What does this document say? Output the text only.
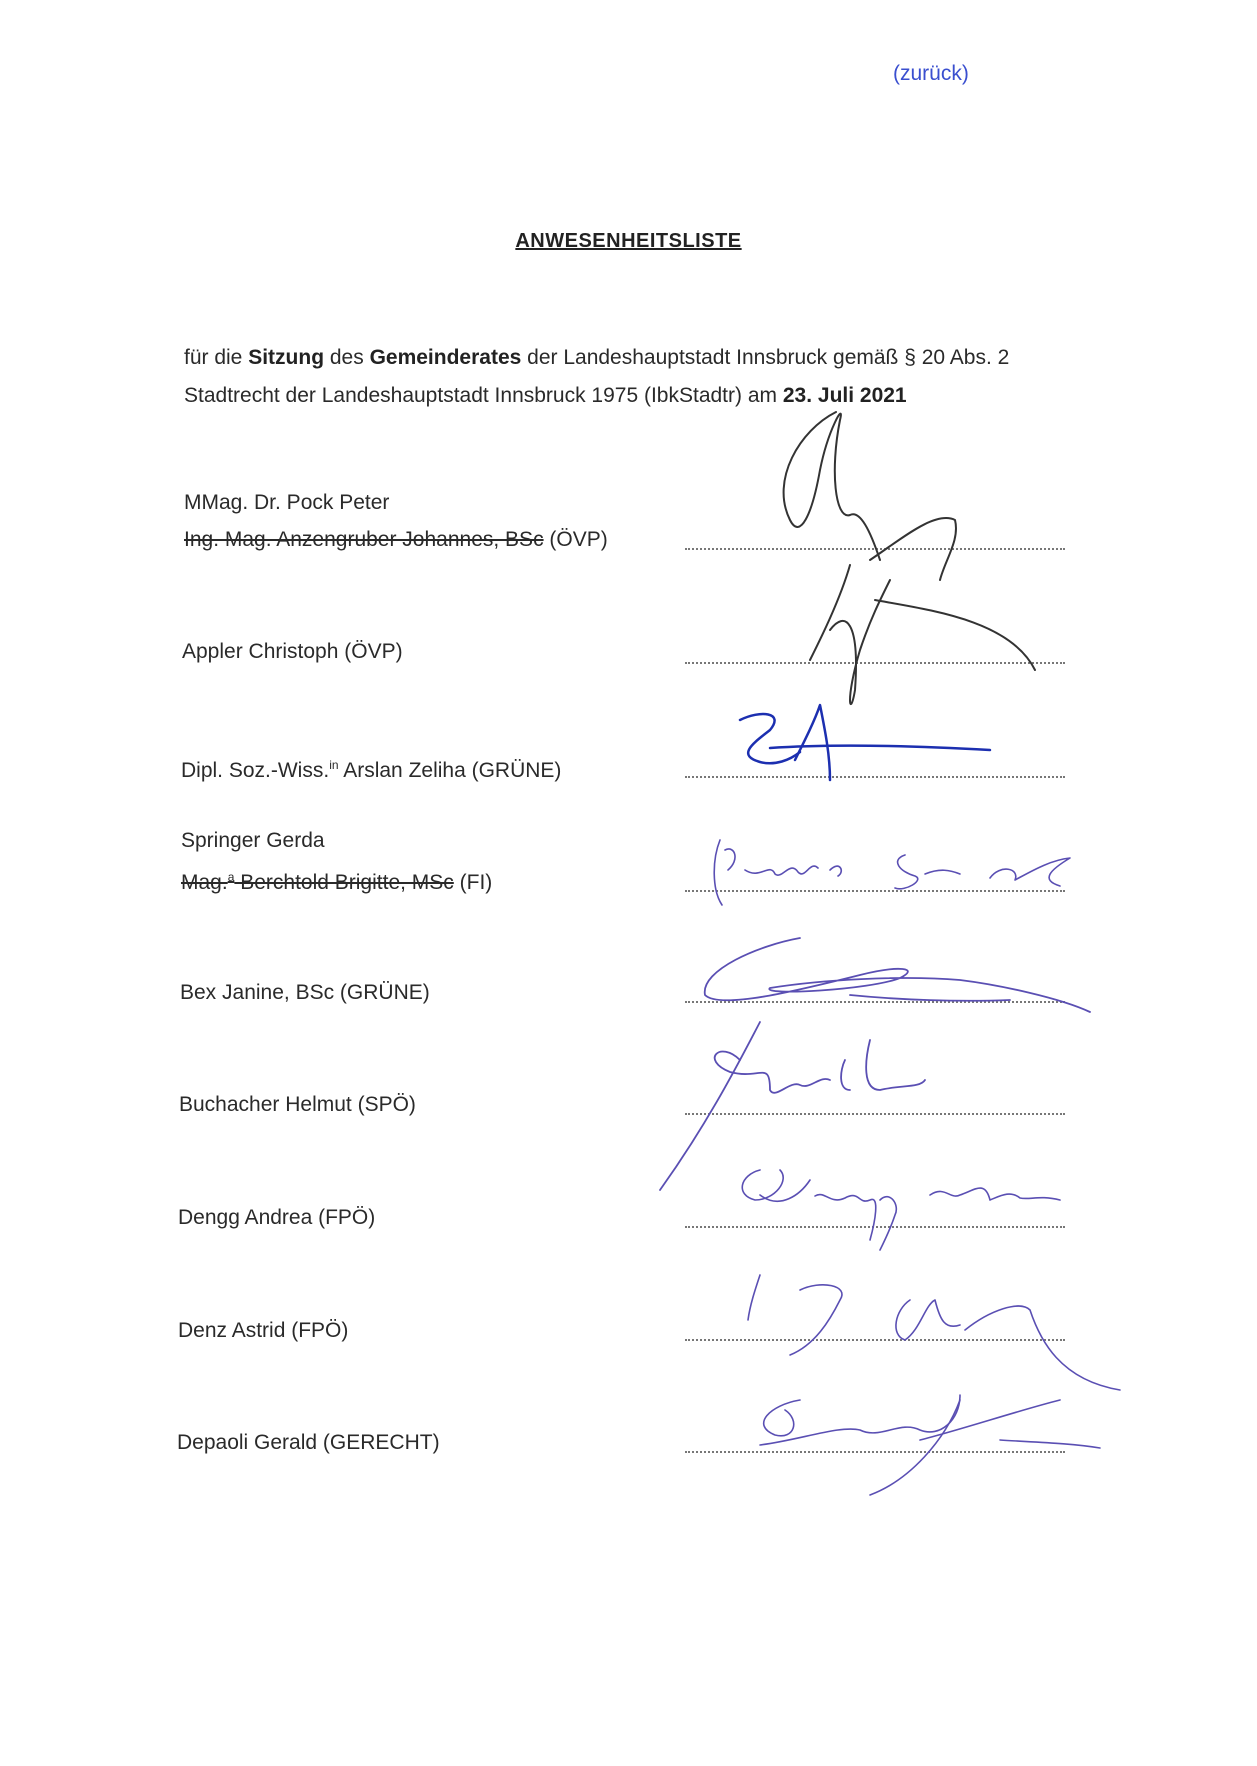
(zurück)
ANWESENHEITSLISTE
für die Sitzung des Gemeinderates der Landeshauptstadt Innsbruck gemäß § 20 Abs. 2 Stadtrecht der Landeshauptstadt Innsbruck 1975 (IbkStadtr) am 23. Juli 2021
MMag. Dr. Pock Peter
Ing. Mag. Anzengruber Johannes, BSc (ÖVP)
Appler Christoph (ÖVP)
Dipl. Soz.-Wiss.$^{in}$ Arslan Zeliha (GRÜNE)
Springer Gerda
Mag.$^a$ Berchtold Brigitte, MSc (FI)
Bex Janine, BSc (GRÜNE)
Buchacher Helmut (SPÖ)
Dengg Andrea (FPÖ)
Denz Astrid (FPÖ)
Depaoli Gerald (GERECHT)
